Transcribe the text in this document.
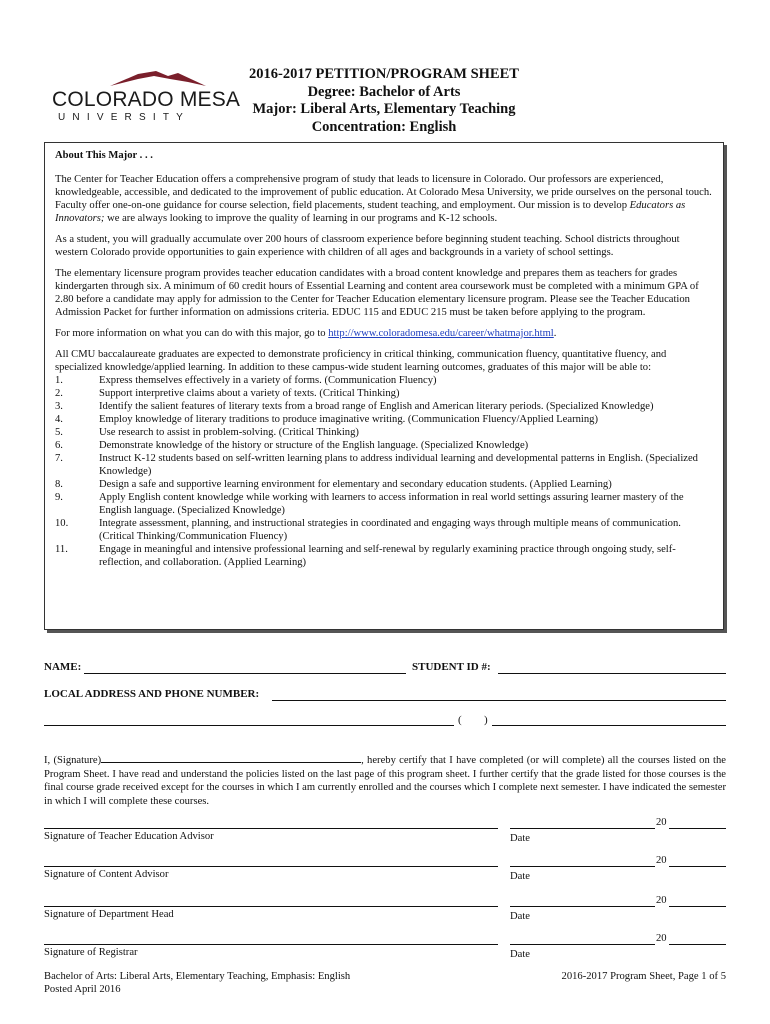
COLORADO MESA
UNIVERSITY
2016-2017 PETITION/PROGRAM SHEET
Degree: Bachelor of Arts
Major: Liberal Arts, Elementary Teaching
Concentration: English
About This Major . . .

The Center for Teacher Education offers a comprehensive program of study that leads to licensure in Colorado. Our professors are experienced, knowledgeable, accessible, and dedicated to the improvement of public education. At Colorado Mesa University, we pride ourselves on the personal touch. Faculty offer one-on-one guidance for course selection, field placements, student teaching, and employment. Our mission is to develop Educators as Innovators; we are always looking to improve the quality of learning in our programs and K-12 schools.

As a student, you will gradually accumulate over 200 hours of classroom experience before beginning student teaching. School districts throughout western Colorado provide opportunities to gain experience with children of all ages and backgrounds in a variety of school settings.

The elementary licensure program provides teacher education candidates with a broad content knowledge and prepares them as teachers for grades kindergarten through six. A minimum of 60 credit hours of Essential Learning and content area coursework must be completed with a minimum GPA of 2.80 before a candidate may apply for admission to the Center for Teacher Education elementary licensure program. Please see the Teacher Education Admission Packet for further information on admissions criteria. EDUC 115 and EDUC 215 must be taken before applying to the program.

For more information on what you can do with this major, go to http://www.coloradomesa.edu/career/whatmajor.html.

All CMU baccalaureate graduates are expected to demonstrate proficiency in critical thinking, communication fluency, quantitative fluency, and specialized knowledge/applied learning. In addition to these campus-wide student learning outcomes, graduates of this major will be able to:

1.	Express themselves effectively in a variety of forms. (Communication Fluency)
2.	Support interpretive claims about a variety of texts. (Critical Thinking)
3.	Identify the salient features of literary texts from a broad range of English and American literary periods. (Specialized Knowledge)
4.	Employ knowledge of literary traditions to produce imaginative writing. (Communication Fluency/Applied Learning)
5.	Use research to assist in problem-solving. (Critical Thinking)
6.	Demonstrate knowledge of the history or structure of the English language. (Specialized Knowledge)
7.	Instruct K-12 students based on self-written learning plans to address individual learning and developmental patterns in English. (Specialized Knowledge)
8.	Design a safe and supportive learning environment for elementary and secondary education students. (Applied Learning)
9.	Apply English content knowledge while working with learners to access information in real world settings assuring learner mastery of the English language. (Specialized Knowledge)
10.	Integrate assessment, planning, and instructional strategies in coordinated and engaging ways through multiple means of communication. (Critical Thinking/Communication Fluency)
11.	Engage in meaningful and intensive professional learning and self-renewal by regularly examining practice through ongoing study, self-reflection, and collaboration. (Applied Learning)
NAME:	STUDENT ID #:
LOCAL ADDRESS AND PHONE NUMBER:
( )
I, (Signature)	, hereby certify that I have completed (or will complete) all the courses listed on the Program Sheet. I have read and understand the policies listed on the last page of this program sheet. I further certify that the grade listed for those courses is the final course grade received except for the courses in which I am currently enrolled and the courses which I complete next semester. I have indicated the semester in which I will complete these courses.
Signature of Teacher Education Advisor
20
Date
Signature of Content Advisor
20
Date
Signature of Department Head
20
Date
Signature of Registrar
20
Date
Bachelor of Arts: Liberal Arts, Elementary Teaching, Emphasis: English
Posted April 2016
2016-2017 Program Sheet, Page 1 of 5
